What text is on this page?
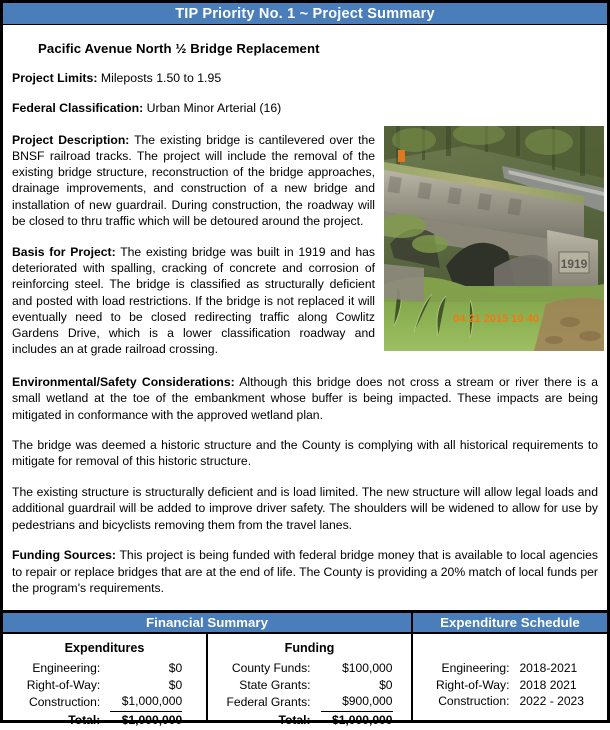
TIP Priority No. 1 ~ Project Summary
1919
04 21 2015 10 40
Pacific Avenue North ½ Bridge Replacement
Project Limits: Mileposts 1.50 to 1.95
Federal Classification: Urban Minor Arterial (16)
Project Description: The existing bridge is cantilevered over the BNSF railroad tracks. The project will include the removal of the existing bridge structure, reconstruction of the bridge approaches, drainage improvements, and construction of a new bridge and installation of new guardrail. During construction, the roadway will be closed to thru traffic which will be detoured around the project.
Basis for Project: The existing bridge was built in 1919 and has deteriorated with spalling, cracking of concrete and corrosion of reinforcing steel. The bridge is classified as structurally deficient and posted with load restrictions. If the bridge is not replaced it will eventually need to be closed redirecting traffic along Cowlitz Gardens Drive, which is a lower classification roadway and includes an at grade railroad crossing.
Environmental/Safety Considerations: Although this bridge does not cross a stream or river there is a small wetland at the toe of the embankment whose buffer is being impacted. These impacts are being mitigated in conformance with the approved wetland plan.
The bridge was deemed a historic structure and the County is complying with all historical requirements to mitigate for removal of this historic structure.
The existing structure is structurally deficient and is load limited. The new structure will allow legal loads and additional guardrail will be added to improve driver safety. The shoulders will be widened to allow for use by pedestrians and bicyclists removing them from the travel lanes.
Funding Sources: This project is being funded with federal bridge money that is available to local agencies to repair or replace bridges that are at the end of life. The County is providing a 20% match of local funds per the program's requirements.
Financial Summary	Expenditure Schedule
Expenditures
Engineering:	$0
Right-of-Way:	$0
Construction:	$1,000,000
Total:	$1,000,000
Funding
County Funds:	$100,000
State Grants:	$0
Federal Grants:	$900,000
Total:	$1,000,000
Engineering:	2018-2021
Right-of-Way:	2018 2021
Construction:	2022 - 2023
